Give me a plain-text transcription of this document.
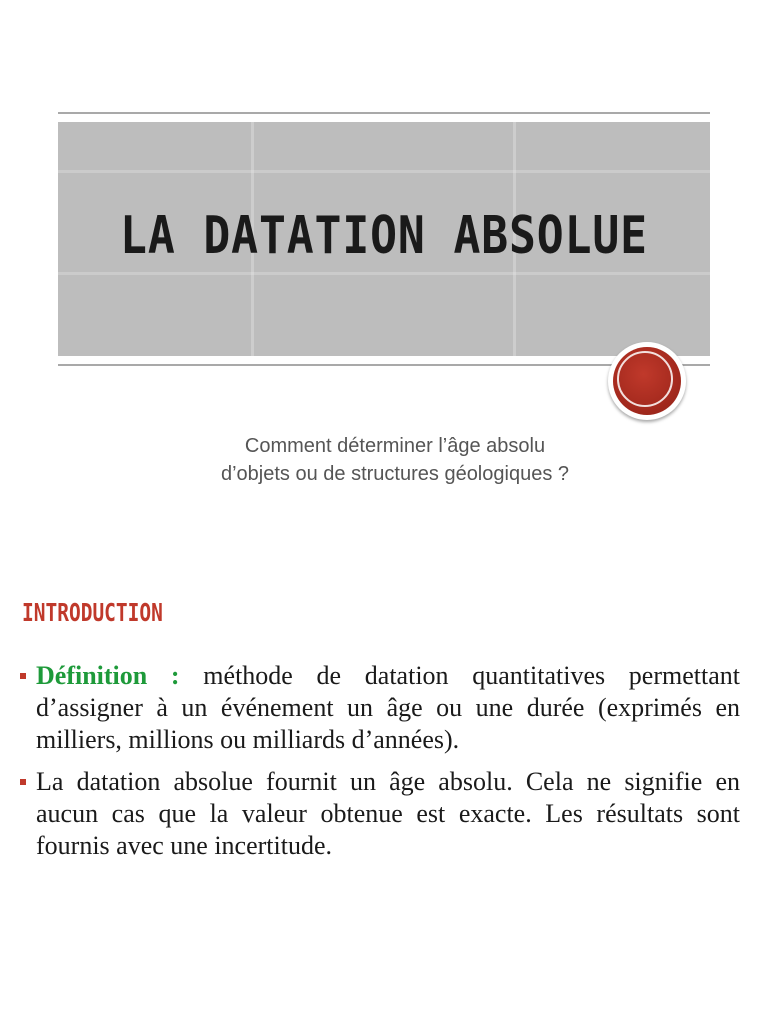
LA DATATION ABSOLUE
Comment déterminer l’âge absolu
d’objets ou de structures géologiques ?
INTRODUCTION
Définition : méthode de datation quantitatives permettant d’assigner à un événement un âge ou une durée (exprimés en milliers, millions ou milliards d’années).
La datation absolue fournit un âge absolu. Cela ne signifie en aucun cas que la valeur obtenue est exacte. Les résultats sont fournis avec une incertitude.
